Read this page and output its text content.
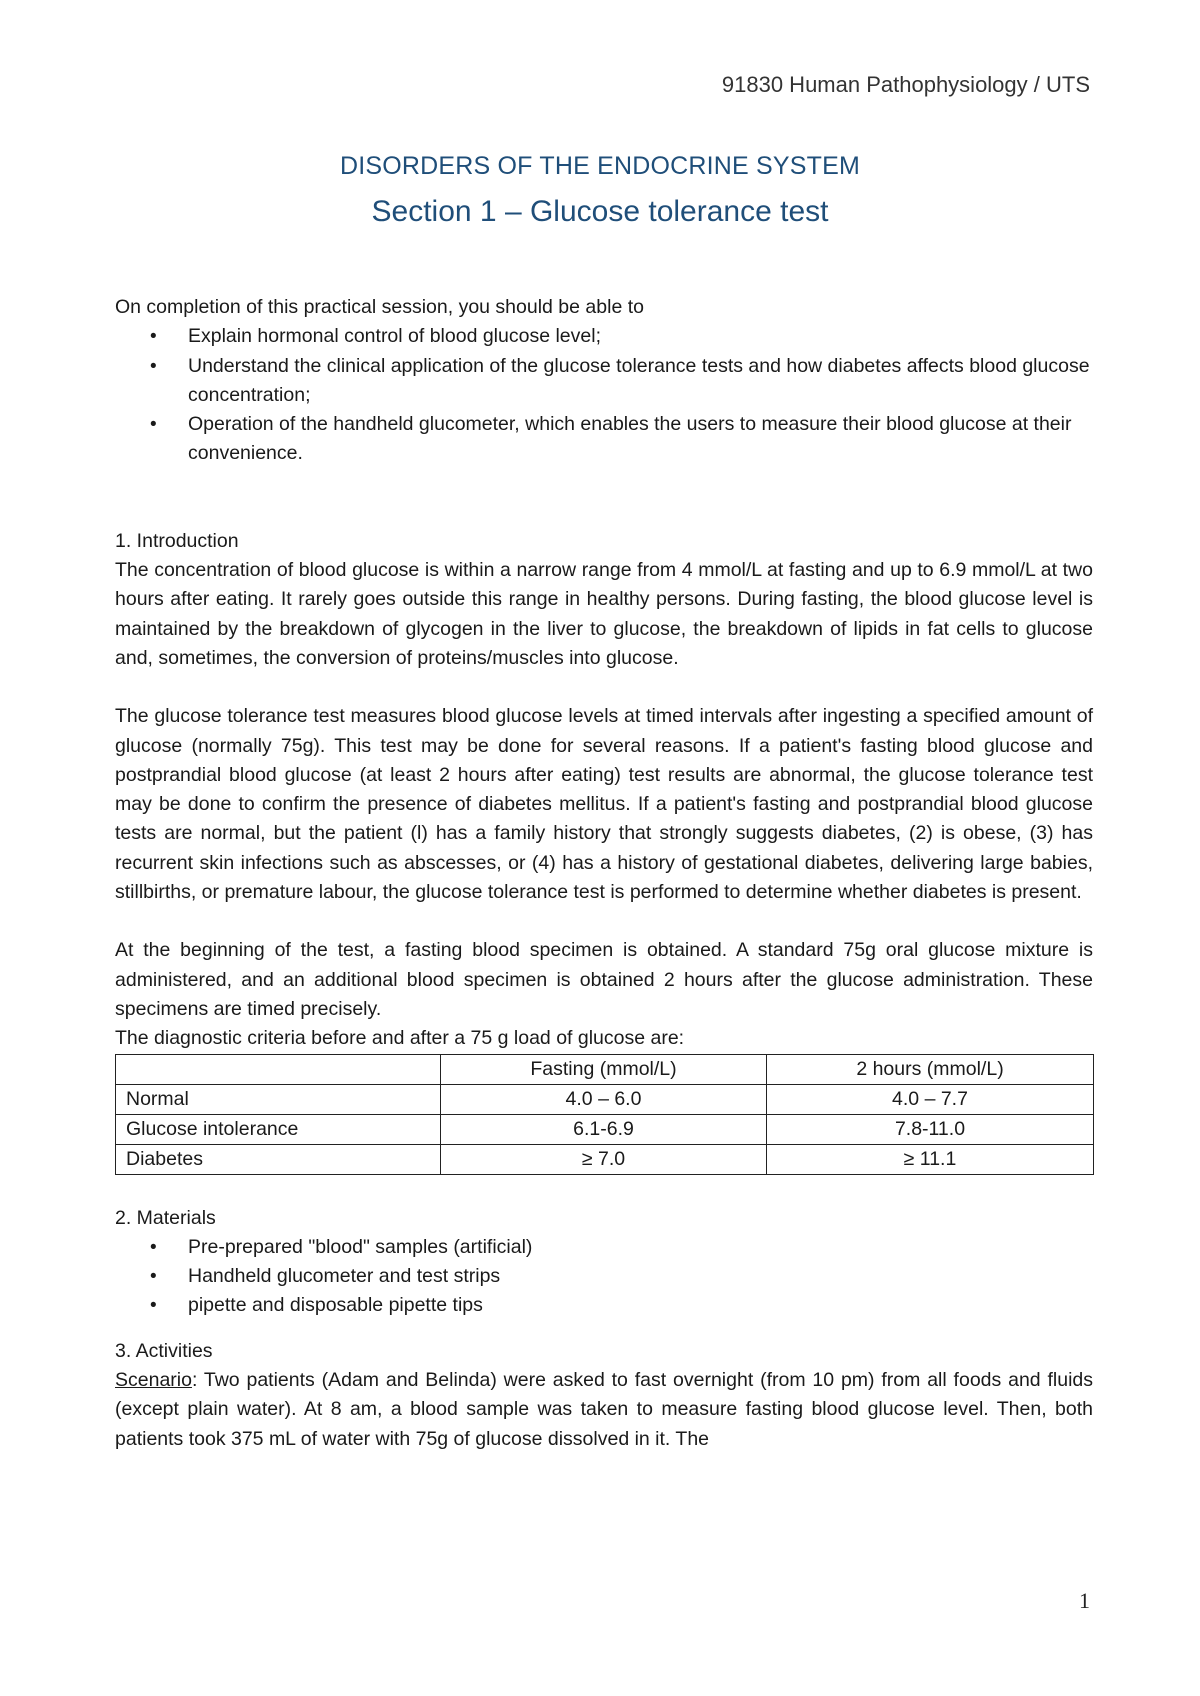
91830 Human Pathophysiology / UTS
DISORDERS OF THE ENDOCRINE SYSTEM
Section 1 – Glucose tolerance test

On completion of this practical session, you should be able to

• Explain hormonal control of blood glucose level;
• Understand the clinical application of the glucose tolerance tests and how diabetes affects blood glucose concentration;
• Operation of the handheld glucometer, which enables the users to measure their blood glucose at their convenience.

1. Introduction

The concentration of blood glucose is within a narrow range from 4 mmol/L at fasting and up to 6.9 mmol/L at two hours after eating. It rarely goes outside this range in healthy persons. During fasting, the blood glucose level is maintained by the breakdown of glycogen in the liver to glucose, the breakdown of lipids in fat cells to glucose and, sometimes, the conversion of proteins/muscles into glucose.

The glucose tolerance test measures blood glucose levels at timed intervals after ingesting a specified amount of glucose (normally 75g). This test may be done for several reasons. If a patient's fasting blood glucose and postprandial blood glucose (at least 2 hours after eating) test results are abnormal, the glucose tolerance test may be done to confirm the presence of diabetes mellitus. If a patient's fasting and postprandial blood glucose tests are normal, but the patient (l) has a family history that strongly suggests diabetes, (2) is obese, (3) has recurrent skin infections such as abscesses, or (4) has a history of gestational diabetes, delivering large babies, stillbirths, or premature labour, the glucose tolerance test is performed to determine whether diabetes is present.

At the beginning of the test, a fasting blood specimen is obtained. A standard 75g oral glucose mixture is administered, and an additional blood specimen is obtained 2 hours after the glucose administration. These specimens are timed precisely.

The diagnostic criteria before and after a 75 g load of glucose are:

	Fasting (mmol/L)	2 hours (mmol/L)
Normal	4.0 – 6.0	4.0 – 7.7
Glucose intolerance	6.1-6.9	7.8-11.0
Diabetes	≥ 7.0	≥ 11.1

2. Materials

• Pre-prepared "blood" samples (artificial)
• Handheld glucometer and test strips
• pipette and disposable pipette tips

3. Activities

Scenario: Two patients (Adam and Belinda) were asked to fast overnight (from 10 pm) from all foods and fluids (except plain water). At 8 am, a blood sample was taken to measure fasting blood glucose level. Then, both patients took 375 mL of water with 75g of glucose dissolved in it. The

1
